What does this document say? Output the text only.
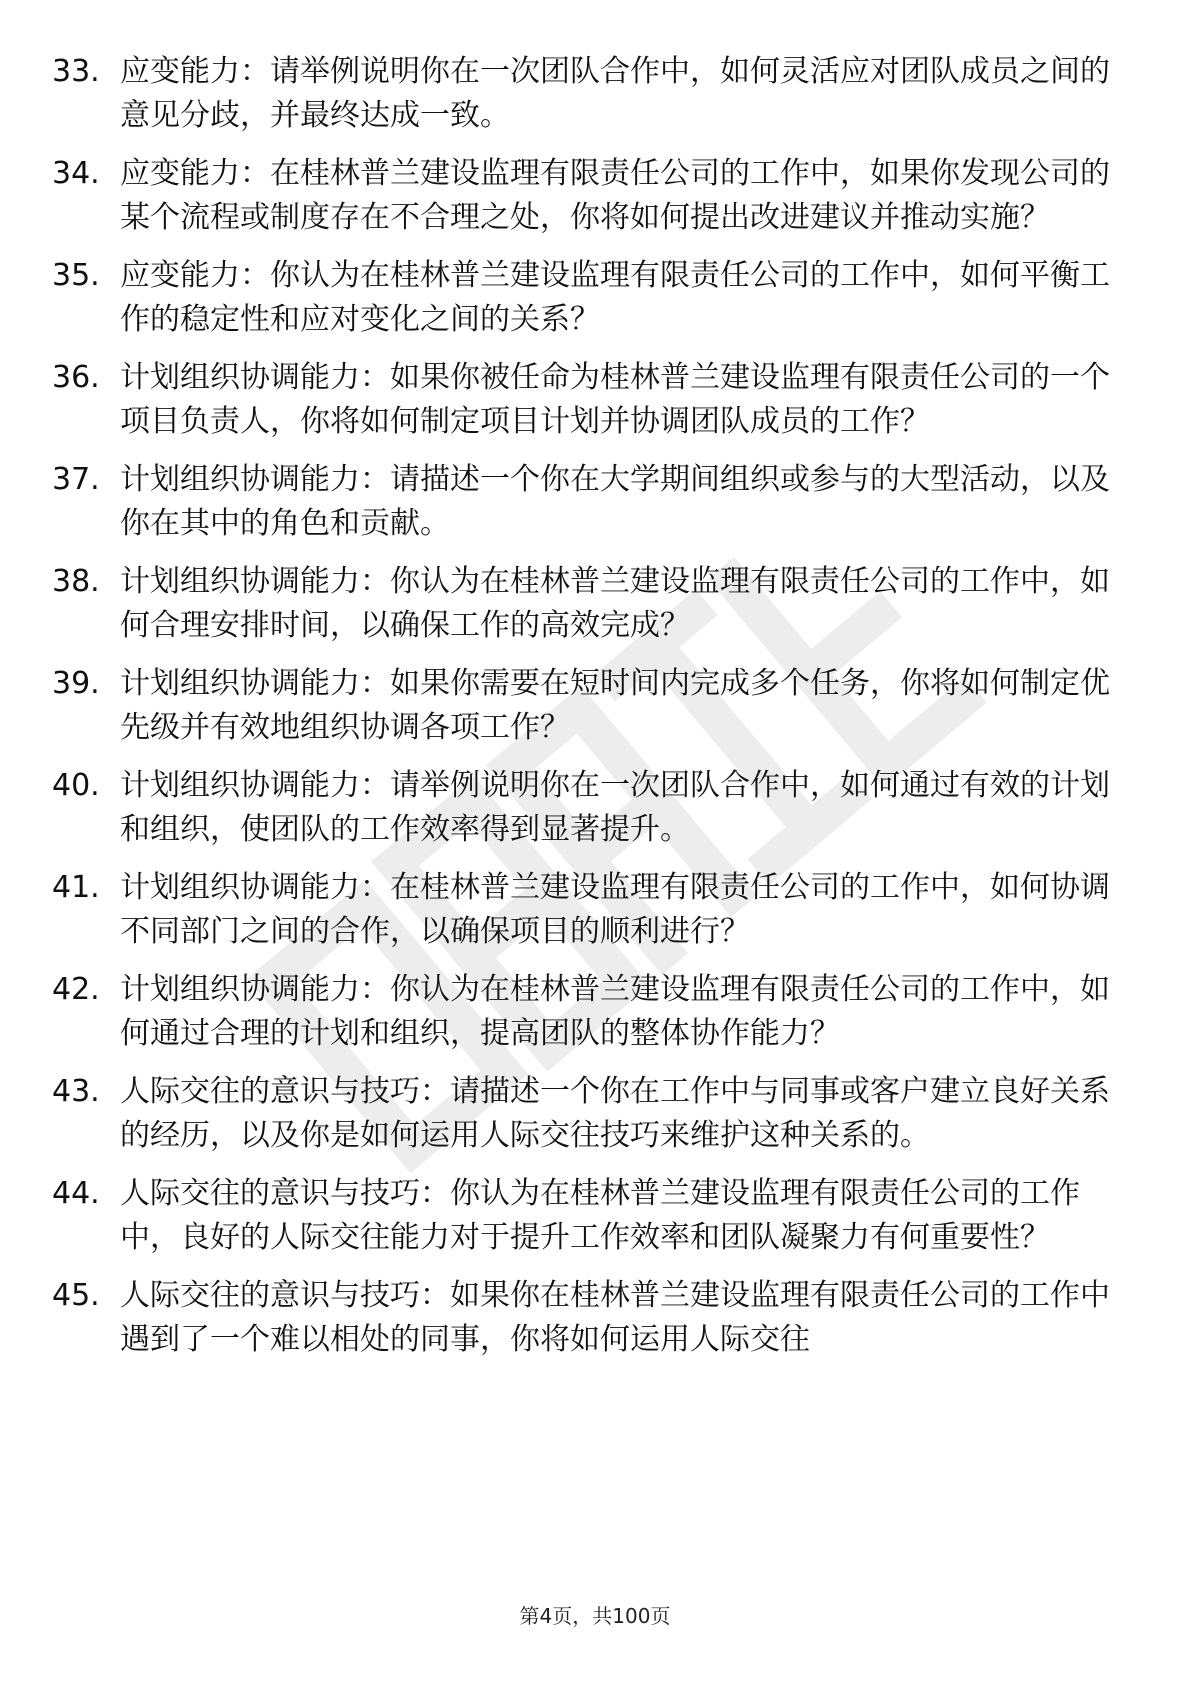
33. 应变能力：请举例说明你在一次团队合作中，如何灵活应对团队成员之间的意见分歧，并最终达成一致。
34. 应变能力：在桂林普兰建设监理有限责任公司的工作中，如果你发现公司的某个流程或制度存在不合理之处，你将如何提出改进建议并推动实施？
35. 应变能力：你认为在桂林普兰建设监理有限责任公司的工作中，如何平衡工作的稳定性和应对变化之间的关系？
36. 计划组织协调能力：如果你被任命为桂林普兰建设监理有限责任公司的一个项目负责人，你将如何制定项目计划并协调团队成员的工作？
37. 计划组织协调能力：请描述一个你在大学期间组织或参与的大型活动，以及你在其中的角色和贡献。
38. 计划组织协调能力：你认为在桂林普兰建设监理有限责任公司的工作中，如何合理安排时间，以确保工作的高效完成？
39. 计划组织协调能力：如果你需要在短时间内完成多个任务，你将如何制定优先级并有效地组织协调各项工作？
40. 计划组织协调能力：请举例说明你在一次团队合作中，如何通过有效的计划和组织，使团队的工作效率得到显著提升。
41. 计划组织协调能力：在桂林普兰建设监理有限责任公司的工作中，如何协调不同部门之间的合作，以确保项目的顺利进行？
42. 计划组织协调能力：你认为在桂林普兰建设监理有限责任公司的工作中，如何通过合理的计划和组织，提高团队的整体协作能力？
43. 人际交往的意识与技巧：请描述一个你在工作中与同事或客户建立良好关系的经历，以及你是如何运用人际交往技巧来维护这种关系的。
44. 人际交往的意识与技巧：你认为在桂林普兰建设监理有限责任公司的工作中，良好的人际交往能力对于提升工作效率和团队凝聚力有何重要性？
45. 人际交往的意识与技巧：如果你在桂林普兰建设监理有限责任公司的工作中遇到了一个难以相处的同事，你将如何运用人际交往
第4页，共100页
